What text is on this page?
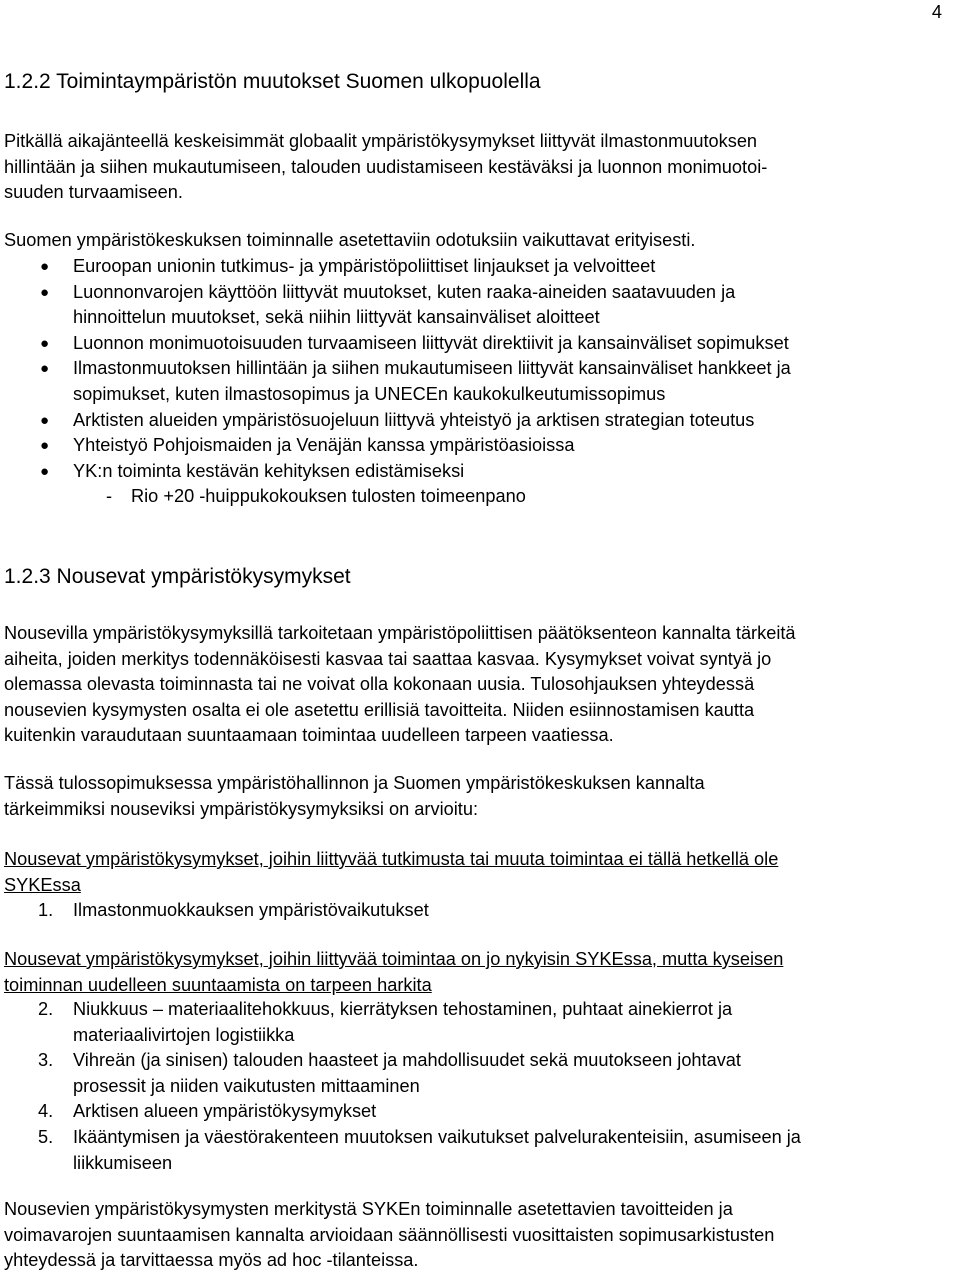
4
1.2.2 Toimintaympäristön muutokset Suomen ulkopuolella
Pitkällä aikajänteellä keskeisimmät globaalit ympäristökysymykset liittyvät ilmastonmuutoksen
hillintään ja siihen mukautumiseen, talouden uudistamiseen kestäväksi ja luonnon monimuotoi-
suuden turvaamiseen.
Suomen ympäristökeskuksen toiminnalle asetettaviin odotuksiin vaikuttavat erityisesti.
● Euroopan unionin tutkimus- ja ympäristöpoliittiset linjaukset ja velvoitteet
● Luonnonvarojen käyttöön liittyvät muutokset, kuten raaka-aineiden saatavuuden ja
hinnoittelun muutokset, sekä niihin liittyvät kansainväliset aloitteet
● Luonnon monimuotoisuuden turvaamiseen liittyvät direktiivit ja kansainväliset sopimukset
● Ilmastonmuutoksen hillintään ja siihen mukautumiseen liittyvät kansainväliset hankkeet ja
sopimukset, kuten ilmastosopimus ja UNECEn kaukokulkeutumissopimus
● Arktisten alueiden ympäristösuojeluun liittyvä yhteistyö ja arktisen strategian toteutus
● Yhteistyö Pohjoismaiden ja Venäjän kanssa ympäristöasioissa
● YK:n toiminta kestävän kehityksen edistämiseksi
- Rio +20 -huippukokouksen tulosten toimeenpano
1.2.3 Nousevat ympäristökysymykset
Nousevilla ympäristökysymyksillä tarkoitetaan ympäristöpoliittisen päätöksenteon kannalta tärkeitä
aiheita, joiden merkitys todennäköisesti kasvaa tai saattaa kasvaa. Kysymykset voivat syntyä jo
olemassa olevasta toiminnasta tai ne voivat olla kokonaan uusia. Tulosohjauksen yhteydessä
nousevien kysymysten osalta ei ole asetettu erillisiä tavoitteita. Niiden esiinnostamisen kautta
kuitenkin varaudutaan suuntaamaan toimintaa uudelleen tarpeen vaatiessa.
Tässä tulossopimuksessa ympäristöhallinnon ja Suomen ympäristökeskuksen kannalta
tärkeimmiksi nouseviksi ympäristökysymyksiksi on arvioitu:
Nousevat ympäristökysymykset, joihin liittyvää tutkimusta tai muuta toimintaa ei tällä hetkellä ole
SYKEssa
1. Ilmastonmuokkauksen ympäristövaikutukset
Nousevat ympäristökysymykset, joihin liittyvää toimintaa on jo nykyisin SYKEssa, mutta kyseisen
toiminnan uudelleen suuntaamista on tarpeen harkita
2. Niukkuus – materiaalitehokkuus, kierrätyksen tehostaminen, puhtaat ainekierrot ja
materiaalivirtojen logistiikka
3. Vihreän (ja sinisen) talouden haasteet ja mahdollisuudet sekä muutokseen johtavat
prosessit ja niiden vaikutusten mittaaminen
4. Arktisen alueen ympäristökysymykset
5. Ikääntymisen ja väestörakenteen muutoksen vaikutukset palvelurakenteisiin, asumiseen ja
liikkumiseen
Nousevien ympäristökysymysten merkitystä SYKEn toiminnalle asetettavien tavoitteiden ja
voimavarojen suuntaamisen kannalta arvioidaan säännöllisesti vuosittaisten sopimusarkistusten
yhteydessä ja tarvittaessa myös ad hoc -tilanteissa.
